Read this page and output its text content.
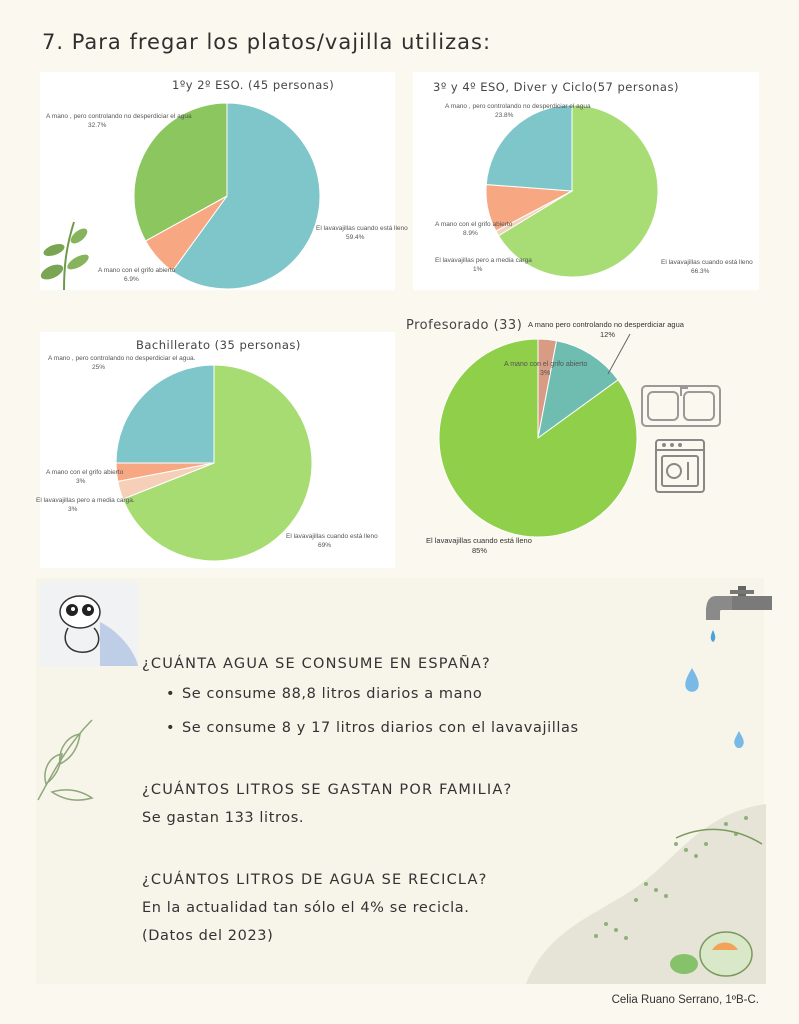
7. Para fregar los platos/vajilla utilizas:
1ºy 2º ESO. (45 personas)
A mano , pero controlando no desperdiciar el agua
32.7%
El lavavajillas cuando está lleno
59.4%
A mano con el grifo abierto
6.9%
3º y 4º ESO, Diver y Ciclo(57 personas)
A mano , pero controlando no desperdiciar el agua
23.8%
A mano con el grifo abierto
8.9%
El lavavajillas pero a media carga
1%
El lavavajillas cuando está lleno
66.3%
Bachillerato (35 personas)
A mano , pero controlando no desperdiciar el agua.
25%
A mano con el grifo abierto
3%
El lavavajillas pero a media carga.
3%
El lavavajillas cuando está lleno
69%
Profesorado (33) A mano pero controlando no desperdiciar agua
12%
A mano con el grifo abierto
3%
El lavavajillas cuando está lleno
85%
¿CUÁNTA AGUA SE CONSUME EN ESPAÑA?
• Se consume 88,8 litros diarios a mano
• Se consume 8 y 17 litros diarios con el lavavajillas
¿CUÁNTOS LITROS SE GASTAN POR FAMILIA?
Se gastan 133 litros.
¿CUÁNTOS LITROS DE AGUA SE RECICLA?
En la actualidad tan sólo el 4% se recicla.
(Datos del 2023)
Celia Ruano Serrano, 1ºB-C.
